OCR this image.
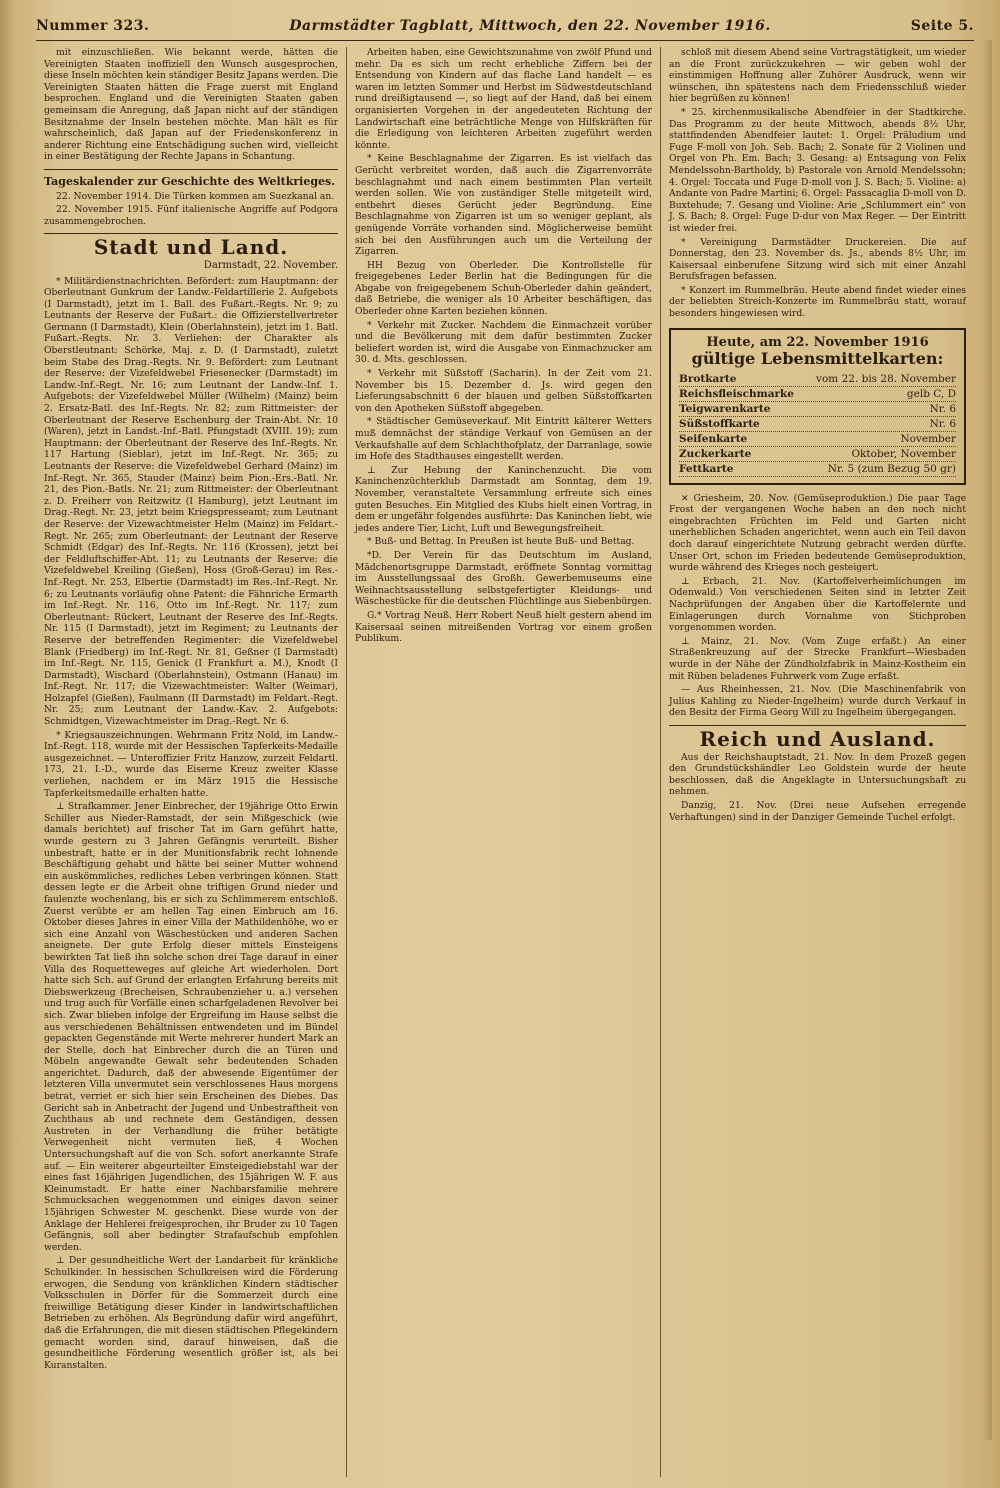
Nummer 323.	Darmstädter Tagblatt, Mittwoch, den 22. November 1916.	Seite 5.

mit einzuschließen. Wie bekannt werde, hätten die Vereinigten Staaten inoffiziell den Wunsch ausgesprochen, diese Inseln möchten kein ständiger Besitz Japans werden. Die Vereinigten Staaten hätten die Frage zuerst mit England besprochen. England und die Vereinigten Staaten gaben gemeinsam die Anregung, daß Japan nicht auf der ständigen Besitznahme der Inseln bestehen möchte. Man hält es für wahrscheinlich, daß Japan auf der Friedenskonferenz in anderer Richtung eine Entschädigung suchen wird, vielleicht in einer Bestätigung der Rechte Japans in Schantung.

Tageskalender zur Geschichte des Weltkrieges.

22. November 1914. Die Türken kommen am Suezkanal an.

22. November 1915. Fünf italienische Angriffe auf Podgora zusammengebrochen.

Stadt und Land.
Darmstadt, 22. November.

* Militärdienstnachrichten. Befördert: zum Hauptmann: der Oberleutnant Gunkrum der Landw.-Feldartillerie 2. Aufgebots (I Darmstadt), jetzt im 1. Ball. des Fußart.-Regts. Nr. 9; zu Leutnants der Reserve der Fußart.: die Offizierstellvertreter Germann (I Darmstadt), Klein (Oberlahnstein), jetzt im 1. Batl. Fußart.-Regts. Nr. 3. Verliehen: der Charakter als Oberstleutnant: Schörke, Maj. z. D. (I Darmstadt), zuletzt beim Stabe des Drag.-Regts. Nr. 9. Befördert: zum Leutnant der Reserve: der Vizefeldwebel Friesenecker (Darmstadt) im Landw.-Inf.-Regt. Nr. 16; zum Leutnant der Landw.-Inf. 1. Aufgebots: der Vizefeldwebel Müller (Wilhelm) (Mainz) beim 2. Ersatz-Batl. des Inf.-Regts. Nr. 82; zum Rittmeister: der Oberleutnant der Reserve Eschenburg der Train-Abt. Nr. 10 (Waren), jetzt in Landst.-Inf.-Batl. Pfungstadt (XVIII. 19); zum Hauptmann: der Oberleutnant der Reserve des Inf.-Regts. Nr. 117 Hartung (Sieblar), jetzt im Inf.-Regt. Nr. 365; zu Leutnants der Reserve: die Vizefeldwebel Gerhard (Mainz) im Inf.-Regt. Nr. 365, Stauder (Mainz) beim Pion.-Ers.-Batl. Nr. 21, des Pion.-Batls. Nr. 21; zum Rittmeister: der Oberleutnant z. D. Freiherr von Reitzwitz (I Hamburg), jetzt Leutnant im Drag.-Regt. Nr. 23, jetzt beim Kriegspresseamt; zum Leutnant der Reserve: der Vizewachtmeister Helm (Mainz) im Feldart.-Regt. Nr. 265; zum Oberleutnant: der Leutnant der Reserve Schmidt (Edgar) des Inf.-Regts. Nr. 116 (Krossen), jetzt bei der Feldluftschiffer-Abt. 11; zu Leutnants der Reserve: die Vizefeldwebel Kreiling (Gießen), Hoss (Groß-Gerau) im Res.-Inf.-Regt. Nr. 253, Elbertie (Darmstadt) im Res.-Inf.-Regt. Nr. 6; zu Leutnants vorläufig ohne Patent: die Fähnriche Ermarth im Inf.-Regt. Nr. 116, Otto im Inf.-Regt. Nr. 117; zum Oberleutnant: Rückert, Leutnant der Reserve des Inf.-Regts. Nr. 115 (I Darmstadt), jetzt im Regiment; zu Leutnants der Reserve der betreffenden Regimenter: die Vizefeldwebel Blank (Friedberg) im Inf.-Regt. Nr. 81, Geßner (I Darmstadt) im Inf.-Regt. Nr. 115, Genick (I Frankfurt a. M.), Knodt (I Darmstadt), Wischard (Oberlahnstein), Ostmann (Hanau) im Inf.-Regt. Nr. 117; die Vizewachtmeister: Walter (Weimar), Holzapfel (Gießen), Faulmann (II Darmstadt) im Feldart.-Regt. Nr. 25; zum Leutnant der Landw.-Kav. 2. Aufgebots: Schmidtgen, Vizewachtmeister im Drag.-Regt. Nr. 6.

* Kriegsauszeichnungen. Wehrmann Fritz Nold, im Landw.-Inf.-Regt. 118, wurde mit der Hessischen Tapferkeits-Medaille ausgezeichnet. — Unteroffizier Fritz Hanzow, zurzeit Feldartl. 173, 21. I.-D., wurde das Eiserne Kreuz zweiter Klasse verliehen, nachdem er im März 1915 die Hessische Tapferkeitsmedaille erhalten hatte.

⊥ Strafkammer. Jener Einbrecher, der 19jährige Otto Erwin Schiller aus Nieder-Ramstadt, der sein Mißgeschick (wie damals berichtet) auf frischer Tat im Garn geführt hatte, wurde gestern zu 3 Jahren Gefängnis verurteilt. Bisher unbestraft, hatte er in der Munitionsfabrik recht lohnende Beschäftigung gehabt und hätte bei seiner Mutter wohnend ein auskömmliches, redliches Leben verbringen können. Statt dessen legte er die Arbeit ohne triftigen Grund nieder und faulenzte wochenlang, bis er sich zu Schlimmerem entschloß. Zuerst verübte er am hellen Tag einen Einbruch am 16. Oktober dieses Jahres in einer Villa der Mathildenhöhe, wo er sich eine Anzahl von Wäschestücken und anderen Sachen aneignete. Der gute Erfolg dieser mittels Einsteigens bewirkten Tat ließ ihn solche schon drei Tage darauf in einer Villa des Roquetteweges auf gleiche Art wiederholen. Dort hatte sich Sch. auf Grund der erlangten Erfahrung bereits mit Diebswerkzeug (Brecheisen, Schraubenzieher u. a.) versehen und trug auch für Vorfälle einen scharfgeladenen Revolver bei sich. Zwar blieben infolge der Ergreifung im Hause selbst die aus verschiedenen Behältnissen entwendeten und im Bündel gepackten Gegenstände mit Werte mehrerer hundert Mark an der Stelle, doch hat Einbrecher durch die an Türen und Möbeln angewandte Gewalt sehr bedeutenden Schaden angerichtet. Dadurch, daß der abwesende Eigentümer der letzteren Villa unvermutet sein verschlossenes Haus morgens betrat, verriet er sich hier sein Erscheinen des Diebes. Das Gericht sah in Anbetracht der Jugend und Unbestraftheit von Zuchthaus ab und rechnete dem Geständigen, dessen Austreten in der Verhandlung die früher betätigte Verwegenheit nicht vermuten ließ, 4 Wochen Untersuchungshaft auf die von Sch. sofort anerkannte Strafe auf. — Ein weiterer abgeurteilter Einsteigediebstahl war der eines fast 16jährigen Jugendlichen, des 15jährigen W. F. aus Kleinumstadt. Er hatte einer Nachbarsfamilie mehrere Schmucksachen weggenommen und einiges davon seiner 15jährigen Schwester M. geschenkt. Diese wurde von der Anklage der Hehlerei freigesprochen, ihr Bruder zu 10 Tagen Gefängnis, soll aber bedingter Strafaufschub empfohlen werden.

⊥ Der gesundheitliche Wert der Landarbeit für kränkliche Schulkinder. In hessischen Schulkreisen wird die Förderung erwogen, die Sendung von kränklichen Kindern städtischer Volksschulen in Dörfer für die Sommerzeit durch eine freiwillige Betätigung dieser Kinder in landwirtschaftlichen Betrieben zu erhöhen. Als Begründung dafür wird angeführt, daß die Erfahrungen, die mit diesen städtischen Pflegekindern gemacht worden sind, darauf hinweisen, daß die gesundheitliche Förderung wesentlich größer ist, als bei Kuranstalten.

Arbeiten haben, eine Gewichtszunahme von zwölf Pfund und mehr. Da es sich um recht erhebliche Ziffern bei der Entsendung von Kindern auf das flache Land handelt — es waren im letzten Sommer und Herbst im Südwestdeutschland rund dreißigtausend —, so liegt auf der Hand, daß bei einem organisierten Vorgehen in der angedeuteten Richtung der Landwirtschaft eine beträchtliche Menge von Hilfskräften für die Erledigung von leichteren Arbeiten zugeführt werden könnte.

* Keine Beschlagnahme der Zigarren. Es ist vielfach das Gerücht verbreitet worden, daß auch die Zigarrenvorräte beschlagnahmt und nach einem bestimmten Plan verteilt werden sollen. Wie von zuständiger Stelle mitgeteilt wird, entbehrt dieses Gerücht jeder Begründung. Eine Beschlagnahme von Zigarren ist um so weniger geplant, als genügende Vorräte vorhanden sind. Möglicherweise bemüht sich bei den Ausführungen auch um die Verteilung der Zigarren.

HH Bezug von Oberleder. Die Kontrollstelle für freigegebenes Leder Berlin hat die Bedingungen für die Abgabe von freigegebenem Schuh-Oberleder dahin geändert, daß Betriebe, die weniger als 10 Arbeiter beschäftigen, das Oberleder ohne Karten beziehen können.

* Verkehr mit Zucker. Nachdem die Einmachzeit vorüber und die Bevölkerung mit dem dafür bestimmten Zucker beliefert worden ist, wird die Ausgabe von Einmachzucker am 30. d. Mts. geschlossen.

* Verkehr mit Süßstoff (Sacharin). In der Zeit vom 21. November bis 15. Dezember d. Js. wird gegen den Lieferungsabschnitt 6 der blauen und gelben Süßstoffkarten von den Apotheken Süßstoff abgegeben.

* Städtischer Gemüseverkauf. Mit Eintritt kälterer Wetters muß demnächst der ständige Verkauf von Gemüsen an der Verkaufshalle auf dem Schlachthofplatz, der Darranlage, sowie im Hofe des Stadthauses eingestellt werden.

⊥ Zur Hebung der Kaninchenzucht. Die vom Kaninchenzüchterklub Darmstadt am Sonntag, dem 19. November, veranstaltete Versammlung erfreute sich eines guten Besuches. Ein Mitglied des Klubs hielt einen Vortrag, in dem er ungefähr folgendes ausführte: Das Kaninchen liebt, wie jedes andere Tier, Licht, Luft und Bewegungsfreiheit.

* Buß- und Bettag. In Preußen ist heute Buß- und Bettag.

*D. Der Verein für das Deutschtum im Ausland, Mädchenortsgruppe Darmstadt, eröffnete Sonntag vormittag im Ausstellungssaal des Großh. Gewerbemuseums eine Weihnachtsausstellung selbstgefertigter Kleidungs- und Wäschestücke für die deutschen Flüchtlinge aus Siebenbürgen.

G.* Vortrag Neuß. Herr Robert Neuß hielt gestern abend im Kaisersaal seinen mitreißenden Vortrag vor einem großen Publikum.

schloß mit diesem Abend seine Vortragstätigkeit, um wieder an die Front zurückzukehren — wir geben wohl der einstimmigen Hoffnung aller Zuhörer Ausdruck, wenn wir wünschen, ihn spätestens nach dem Friedensschluß wieder hier begrüßen zu können!

* 25. kirchenmusikalische Abendfeier in der Stadtkirche. Das Programm zu der heute Mittwoch, abends 8½ Uhr, stattfindenden Abendfeier lautet: 1. Orgel: Präludium und Fuge F-moll von Joh. Seb. Bach; 2. Sonate für 2 Violinen und Orgel von Ph. Em. Bach; 3. Gesang: a) Entsagung von Felix Mendelssohn-Bartholdy, b) Pastorale von Arnold Mendelssohn; 4. Orgel: Toccata und Fuge D-moll von J. S. Bach; 5. Violine: a) Andante von Padre Martini; 6. Orgel: Passacaglia D-moll von D. Buxtehude; 7. Gesang und Violine: Arie „Schlummert ein“ von J. S. Bach; 8. Orgel: Fuge D-dur von Max Reger. — Der Eintritt ist wieder frei.

* Vereinigung Darmstädter Druckereien. Die auf Donnerstag, den 23. November ds. Js., abends 8½ Uhr, im Kaisersaal einberufene Sitzung wird sich mit einer Anzahl Berufsfragen befassen.

* Konzert im Rummelbräu. Heute abend findet wieder eines der beliebten Streich-Konzerte im Rummelbräu statt, worauf besonders hingewiesen wird.

Heute, am 22. November 1916
gültige Lebensmittelkarten:
Brotkarte	vom 22. bis 28. November
Reichsfleischmarke	gelb C, D
Teigwarenkarte	Nr. 6
Süßstoffkarte	Nr. 6
Seifenkarte	November
Zuckerkarte	Oktober, November
Fettkarte	Nr. 5 (zum Bezug 50 gr)

✕ Griesheim, 20. Nov. (Gemüseproduktion.) Die paar Tage Frost der vergangenen Woche haben an den noch nicht eingebrachten Früchten im Feld und Garten nicht unerheblichen Schaden angerichtet, wenn auch ein Teil davon doch darauf eingerichtete Nutzung gebracht werden dürfte. Unser Ort, schon im Frieden bedeutende Gemüseproduktion, wurde während des Krieges noch gesteigert.

⊥ Erbach, 21. Nov. (Kartoffelverheimlichungen im Odenwald.) Von verschiedenen Seiten sind in letzter Zeit Nachprüfungen der Angaben über die Kartoffelernte und Einlagerungen durch Vornahme von Stichproben vorgenommen worden.

⊥ Mainz, 21. Nov. (Vom Zuge erfaßt.) An einer Straßenkreuzung auf der Strecke Frankfurt—Wiesbaden wurde in der Nähe der Zündholzfabrik in Mainz-Kostheim ein mit Rüben beladenes Fuhrwerk vom Zuge erfaßt.

— Aus Rheinhessen, 21. Nov. (Die Maschinenfabrik von Julius Kahling zu Nieder-Ingelheim) wurde durch Verkauf in den Besitz der Firma Georg Will zu Ingelheim übergegangen.

Reich und Ausland.

Aus der Reichshauptstadt, 21. Nov. In dem Prozeß gegen den Grundstückshändler Leo Goldstein wurde der heute beschlossen, daß die Angeklagte in Untersuchungshaft zu nehmen.

Danzig, 21. Nov. (Drei neue Aufsehen erregende Verhaftungen) sind in der Danziger Gemeinde Tuchel erfolgt.
